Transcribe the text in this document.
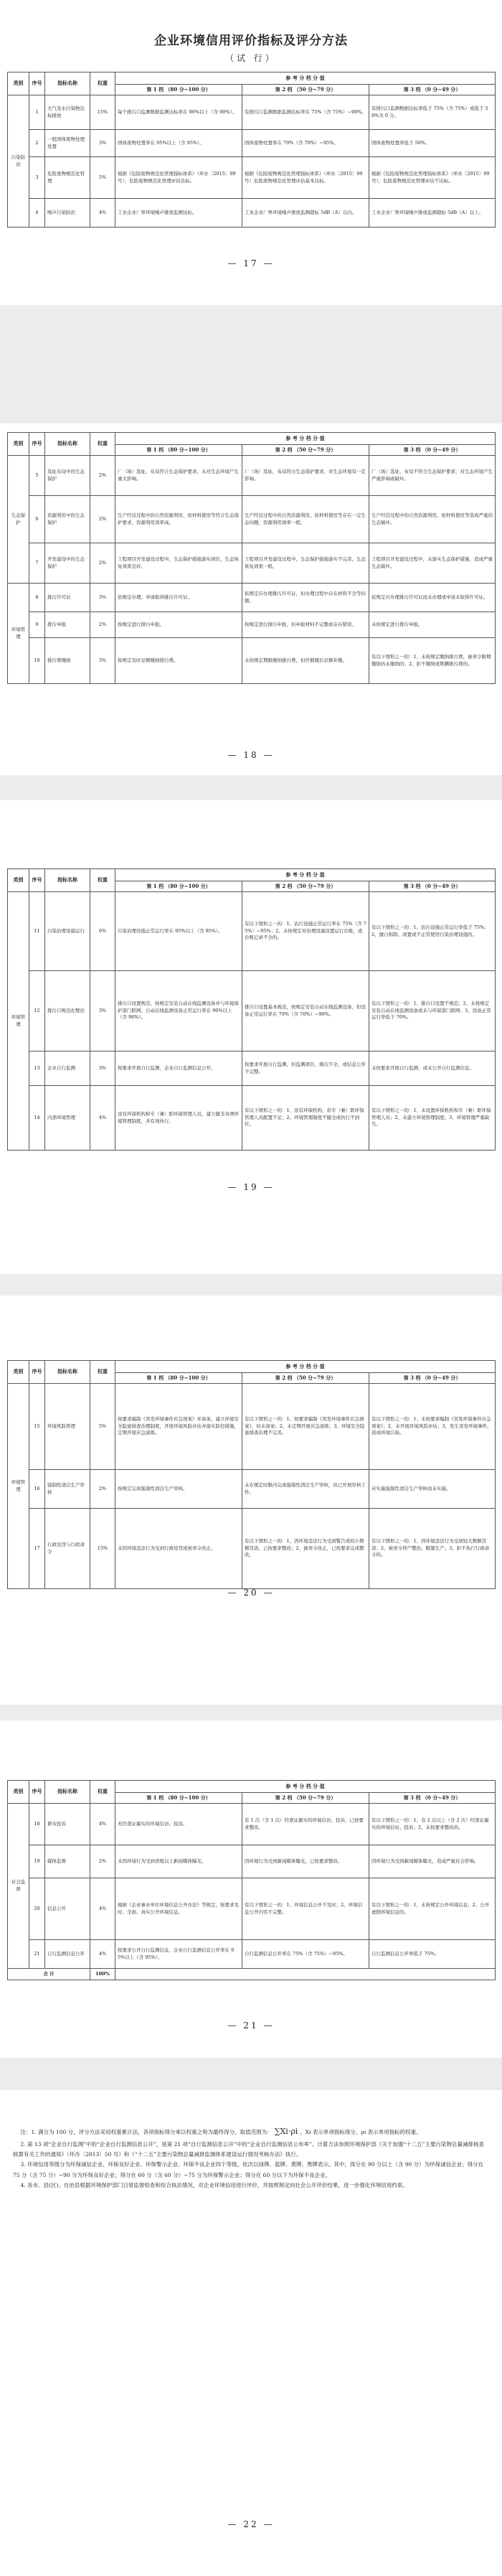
企业环境信用评价指标及评分方法
（试 行）
类别	序号	指标名称	权重	参 考 分 档 分 值		
				第 1 档 （80 分~100 分）	第 2 档 （50 分~79 分）	第 3 档 （0 分~49 分）
污染防治	1	大气及水污染物达标排放	15%	每个排污口监测数据监测达标率在 90%以上（含 90%）。	有排污口监测数据监测达标率在 75%（含 75%）~90%。	有排污口监测数据达标率低于 75%（含 75%）或低于 50%为 0 分。
	2	一般固体废物处理处置	3%	固体废物处置率在 95%以上（含 95%）。	固体废物处置率在 70%（含 70%）~95%。	固体废物处置率低于 50%。
	3	危险废物规范化管理	5%	根据《危险废物规范化管理指标体系》（环办〔2015〕99 号），危险废物规范化管理评估达标。	根据《危险废物规范化管理指标体系》（环办〔2015〕99 号）危险废物规范化管理评估基本达标。	根据《危险废物规范化管理指标体系》（环办〔2015〕99 号），危险废物规范化管理评估不达标。
	4	噪声污染防治	4%	工业企业厂界环境噪声排放监测达标。	工业企业厂界环境噪声排放监测超标 5dB（A）以内。	工业企业厂界环境噪声排放监测超标 5dB（A）以上。
— 17 —
类别	序号	指标名称	权重	参 考 分 档 分 值		
				第 1 档 （80 分~100 分）	第 2 档 （50 分~79 分）	第 3 档 （0 分~49 分）
生态保护	5	选址布局中的生态保护	2%	厂（场）选址、布局符合生态保护要求，未对生态环境产生重大影响。	厂（场）选址、布局符合生态保护要求，对生态环境有一定影响。	厂（场）选址、布局不符合生态保护要求，对生态环境产生严重影响或破坏。
	6	资源利用中的生态保护	2%	生产经营过程中的自然资源利用、原材料使用等符合生态保护要求，资源利用效率高。	生产经营过程中的自然资源利用、原材料使用等存在一定生态问题，资源利用效率一般。	生产经营过程中的自然资源利用、原材料使用等造成严重的生态破坏。
	7	开发建设中的生态保护	2%	工程项目开发建设过程中，生态保护措施落实到位，生态恢复效果良好。	工程项目开发建设过程中，生态保护措施落实不完善，生态恢复效果一般。	工程项目开发建设过程中，未落实生态保护措施，造成严重生态破坏。
环境管理	8	排污许可证	3%	依规定办理、申请取得排污许可证。	依规定应办理排污许可证，但办理过程中存在材料不全等问题。	依规定应办理排污许可证而未办理或申请未取得许可证。
	9	排污申报	2%	按规定进行排污申报。	按规定进行排污申报，但申报材料不完整或存在错误。	未按规定进行排污申报。
	10	排污费缴纳	3%	按规定及时足额缴纳排污费。	未按规定期限缴纳排污费，但经催缴后足额补缴。	有以下情形之一的：1、未按规定缴纳排污费，被责令限期缴纳仍未缴纳的；2、拒不缴纳或欺瞒排污费的。
— 18 —
类别	序号	指标名称	权重	参 考 分 档 分 值		
				第 1 档 （80 分~100 分）	第 2 档 （50 分~79 分）	第 3 档 （0 分~49 分）
环境管理	11	污染治理设施运行	6%	污染治理设施正常运行率在 95%以上（含 95%）。	有以下情形之一的：1、治污设施正常运行率在 75%（含 75%）~95%；2、未按规定对治理设施设置运行台账，或台账记录不全的。	有以下情形之一的：1、治污设施正常运行率低于 75%；2、擅自拆除、闲置或不正常使用污染治理设施的。
	12	排污口规范化整治	3%	排污口设置规范，按规定安装自动在线监测设备并与环境保护部门联网；自动在线监测设备正常运行率在 90%以上（含 90%）。	排污口设置基本规范，按规定安装自动在线监测设备，但设备正常运行率在 70%（含 70%）~90%。	有以下情形之一的：1、排污口设置不规范；2、未按规定安装自动在线监测设备或未与环保部门联网；3、设备正常运行率低于 70%。
	13	企业自行监测	3%	按要求开展自行监测，企业自行监测信息公开。	按要求开展自行监测，但监测项目、频次不全，或信息公开不完整。	未按要求开展自行监测，或未公开自行监测信息。
	14	内部环境管理	4%	设有环保机构和专（兼）职环保管理人员，建立健全各项环境管理制度，并有效执行。	有以下情形之一的：1、设有环保机构，但专（兼）职环保管理人员配置不足；2、环境管理制度不健全或执行不到位。	有以下情形之一的：1、未设置环保机构和专（兼）职环保管理人员；2、未建立环境管理制度；3、环境管理严重缺失。
— 19 —
类别	序号	指标名称	权重	参 考 分 档 分 值		
				第 1 档 （80 分~100 分）	第 2 档 （50 分~79 分）	第 3 档 （0 分~49 分）
环境管理	15	环境风险管理	5%	按要求编制《突发环境事件应急预案》并备案，建立环境安全隐患排查治理制度，开展环境风险评估并落实防控措施，定期开展应急演练。	有以下情形之一的：1、按要求编制《突发环境事件应急预案》，但未备案；2、未定期开展应急演练；3、环境安全隐患排查治理不完善。	有以下情形之一的：1、未按要求编制《突发环境事件应急预案》；2、未开展环境风险评估；3、发生突发环境事件，造成环境污染。
	16	强制性清洁生产审核	2%	按规定完成强制性清洁生产审核。	未在规定时限内完成强制性清洁生产审核，但已开展审核工作。	应实施强制性清洁生产审核而未实施。
	17	行政处罚与行政命令	15%	未因环境违法行为受到行政处罚或被责令改正。	有以下情形之一的：1、因环境违法行为受到警告或较小数额罚款，已按要求整改；2、被责令改正，已按要求完成整改。	有以下情形之一的：1、因环境违法行为受到较大数额罚款；2、被责令停产整治、限制生产；3、拒不执行行政命令的。
— 20 —
类别	序号	指标名称	权重	参 考 分 档 分 值		
				第 1 档 （80 分~100 分）	第 2 档 （50 分~79 分）	第 3 档 （0 分~49 分）
社会监督	18	群众投诉	4%	无经查证属实的环境信访、投诉。	有 1 次（含 1 次）经查证属实的环境信访、投诉，已按要求整改。	有以下情形之一的：1、有 2 次以上（含 2 次）经查证属实的环境信访、投诉；2、未按要求整改的。
	19	媒体监督	2%	未因环境行为受到省级以上新闻媒体曝光。	因环境行为受到新闻媒体曝光，已按要求整改。	因环境行为受到新闻媒体曝光，造成严重社会影响。
	20	信息公开	4%	根据《企业事业单位环境信息公开办法》等规定，按要求及时、全面、真实公开环境信息。	有以下情形之一的：1、环境信息公开不及时；2、环境信息公开内容不完整。	有以下情形之一的：1、未按规定公开环境信息；2、公开虚假环境信息的。
	21	自行监测信息公开	4%	按要求公开自行监测信息，企业自行监测信息公开率在 95%以上（含 95%）。	自行监测信息公开率在 75%（含 75%）~95%。	自行监测信息公开率低于 75%。
合 计			100%			
— 21 —

注：1. 满分为 100 分，评分方法采用权重累计法，各项指标得分乘以权重之和为最终得分，取值范围为： ∑Xi·ρi ，Xi 表示单项指标得分，ρi 表示单项指标的权重。

2. 第 13 项“企业自行监测”中的“企业自行监测信息公开”，是第 21 项“自行监测信息公开”中的“企业自行监测信息公布率”。计算方法参照环境保护部《关于加强“十二五”主要污染物总量减排核查核算有关工作的通知》（环办〔2013〕50 号）和《“十二五”主要污染物总量减排监测体系建设运行情况考核办法》执行。

3. 环境信用等级分为环保诚信企业、环保良好企业、环保警示企业、环保不良企业四个等级。依次以绿牌、蓝牌、黄牌、黑牌表示。其中，得分在 90 分以上（含 90 分）为环保诚信企业；得分在 75 分（含 75 分）~90 分为环保良好企业；得分在 60 分（含 60 分）~75 分为环保警示企业；得分在 60 分以下为环保不良企业。

4. 各市、县(区)、自治县根据环境保护部门日常监督检查和综合执法情况，对企业环境信用进行评价，并按照规定向社会公开评价结果，进一步强化环境信用约束。

— 22 —
